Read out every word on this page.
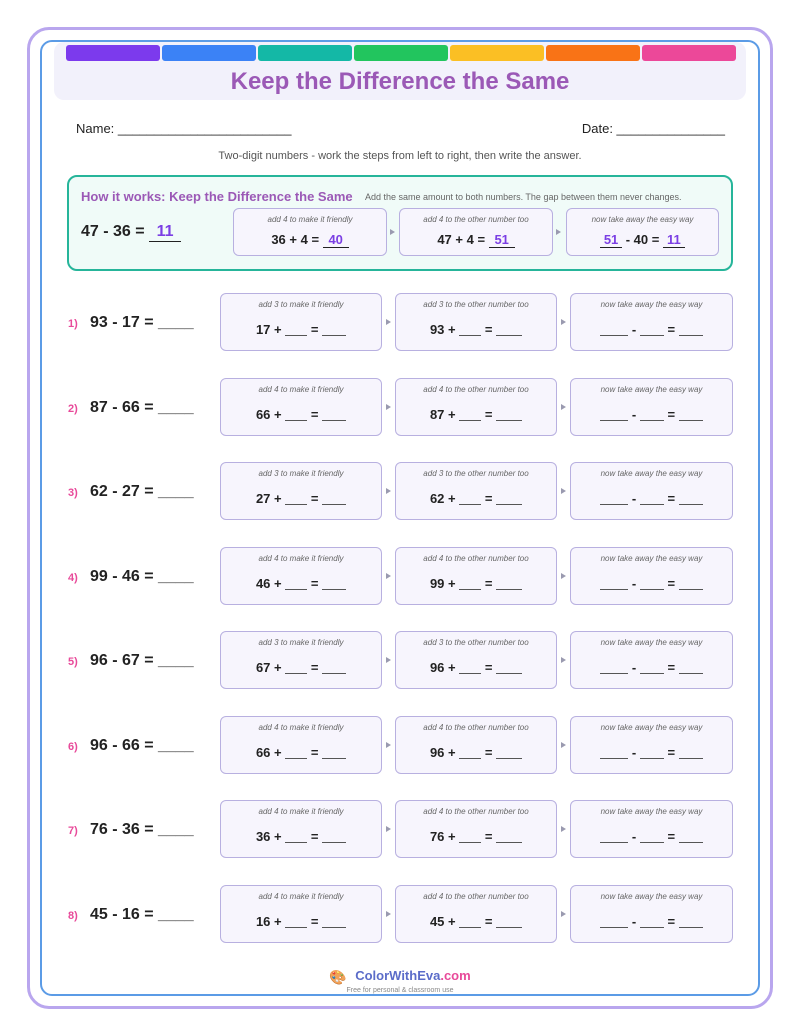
Keep the Difference the Same
Name: ________________________	Date: _______________
Two-digit numbers - work the steps from left to right, then write the answer.
How it works: Keep the Difference the Same Add the same amount to both numbers. The gap between them never changes.
47 - 36 = 11
add 4 to make it friendly
36 + 4 = 40
add 4 to the other number too
47 + 4 = 51
now take away the easy way
51 - 40 = 11
1) 93 - 17 = ____
add 3 to make it friendly
17 +  =
add 3 to the other number too
93 +  =
now take away the easy way
-  =
2) 87 - 66 = ____
add 4 to make it friendly
66 +  =
add 4 to the other number too
87 +  =
now take away the easy way
-  =
3) 62 - 27 = ____
add 3 to make it friendly
27 +  =
add 3 to the other number too
62 +  =
now take away the easy way
-  =
4) 99 - 46 = ____
add 4 to make it friendly
46 +  =
add 4 to the other number too
99 +  =
now take away the easy way
-  =
5) 96 - 67 = ____
add 3 to make it friendly
67 +  =
add 3 to the other number too
96 +  =
now take away the easy way
-  =
6) 96 - 66 = ____
add 4 to make it friendly
66 +  =
add 4 to the other number too
96 +  =
now take away the easy way
-  =
7) 76 - 36 = ____
add 4 to make it friendly
36 +  =
add 4 to the other number too
76 +  =
now take away the easy way
-  =
8) 45 - 16 = ____
add 4 to make it friendly
16 +  =
add 4 to the other number too
45 +  =
now take away the easy way
-  =
🎨 ColorWithEva.com
Free for personal & classroom use
